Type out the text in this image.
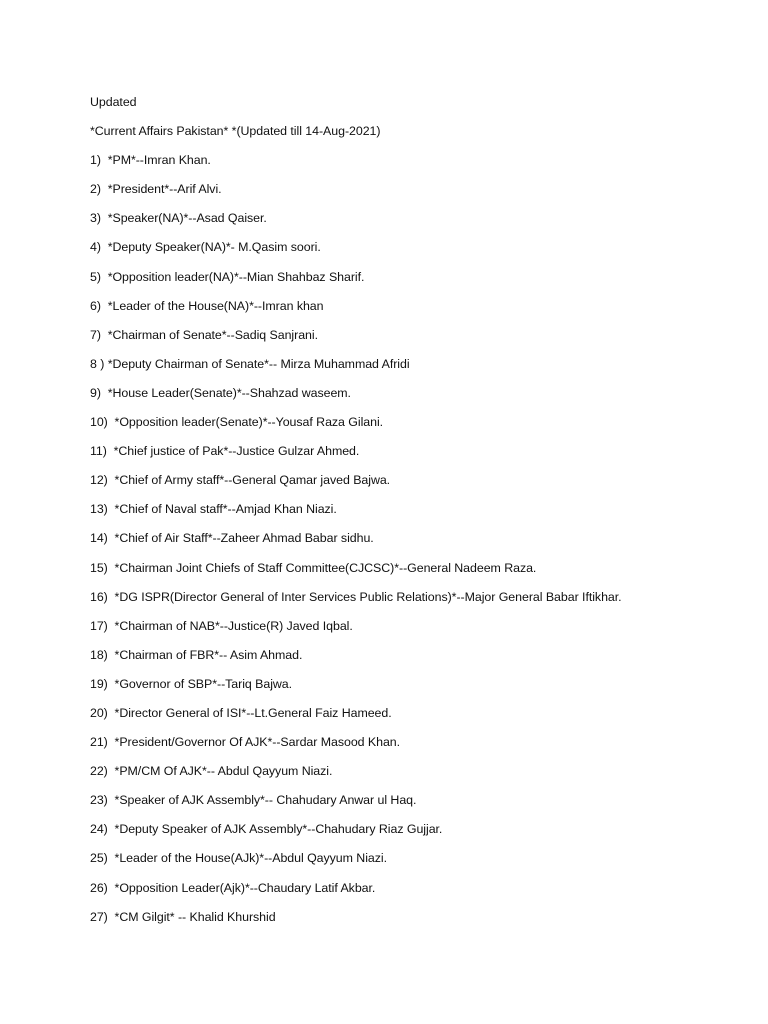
Updated
*Current Affairs Pakistan* *(Updated till 14-Aug-2021)
1)  *PM*--Imran Khan.
2)  *President*--Arif Alvi.
3)  *Speaker(NA)*--Asad Qaiser.
4)  *Deputy Speaker(NA)*- M.Qasim soori.
5)  *Opposition leader(NA)*--Mian Shahbaz Sharif.
6)  *Leader of the House(NA)*--Imran khan
7)  *Chairman of Senate*--Sadiq Sanjrani.
8 ) *Deputy Chairman of Senate*-- Mirza Muhammad Afridi
9)  *House Leader(Senate)*--Shahzad waseem.
10)  *Opposition leader(Senate)*--Yousaf Raza Gilani.
11)  *Chief justice of Pak*--Justice Gulzar Ahmed.
12)  *Chief of Army staff*--General Qamar javed Bajwa.
13)  *Chief of Naval staff*--Amjad Khan Niazi.
14)  *Chief of Air Staff*--Zaheer Ahmad Babar sidhu.
15)  *Chairman Joint Chiefs of Staff Committee(CJCSC)*--General Nadeem Raza.
16)  *DG ISPR(Director General of Inter Services Public Relations)*--Major General Babar Iftikhar.
17)  *Chairman of NAB*--Justice(R) Javed Iqbal.
18)  *Chairman of FBR*-- Asim Ahmad.
19)  *Governor of SBP*--Tariq Bajwa.
20)  *Director General of ISI*--Lt.General Faiz Hameed.
21)  *President/Governor Of AJK*--Sardar Masood Khan.
22)  *PM/CM Of AJK*-- Abdul Qayyum Niazi.
23)  *Speaker of AJK Assembly*-- Chahudary Anwar ul Haq.
24)  *Deputy Speaker of AJK Assembly*--Chahudary Riaz Gujjar.
25)  *Leader of the House(AJk)*--Abdul Qayyum Niazi.
26)  *Opposition Leader(Ajk)*--Chaudary Latif Akbar.
27)  *CM Gilgit* -- Khalid Khurshid
